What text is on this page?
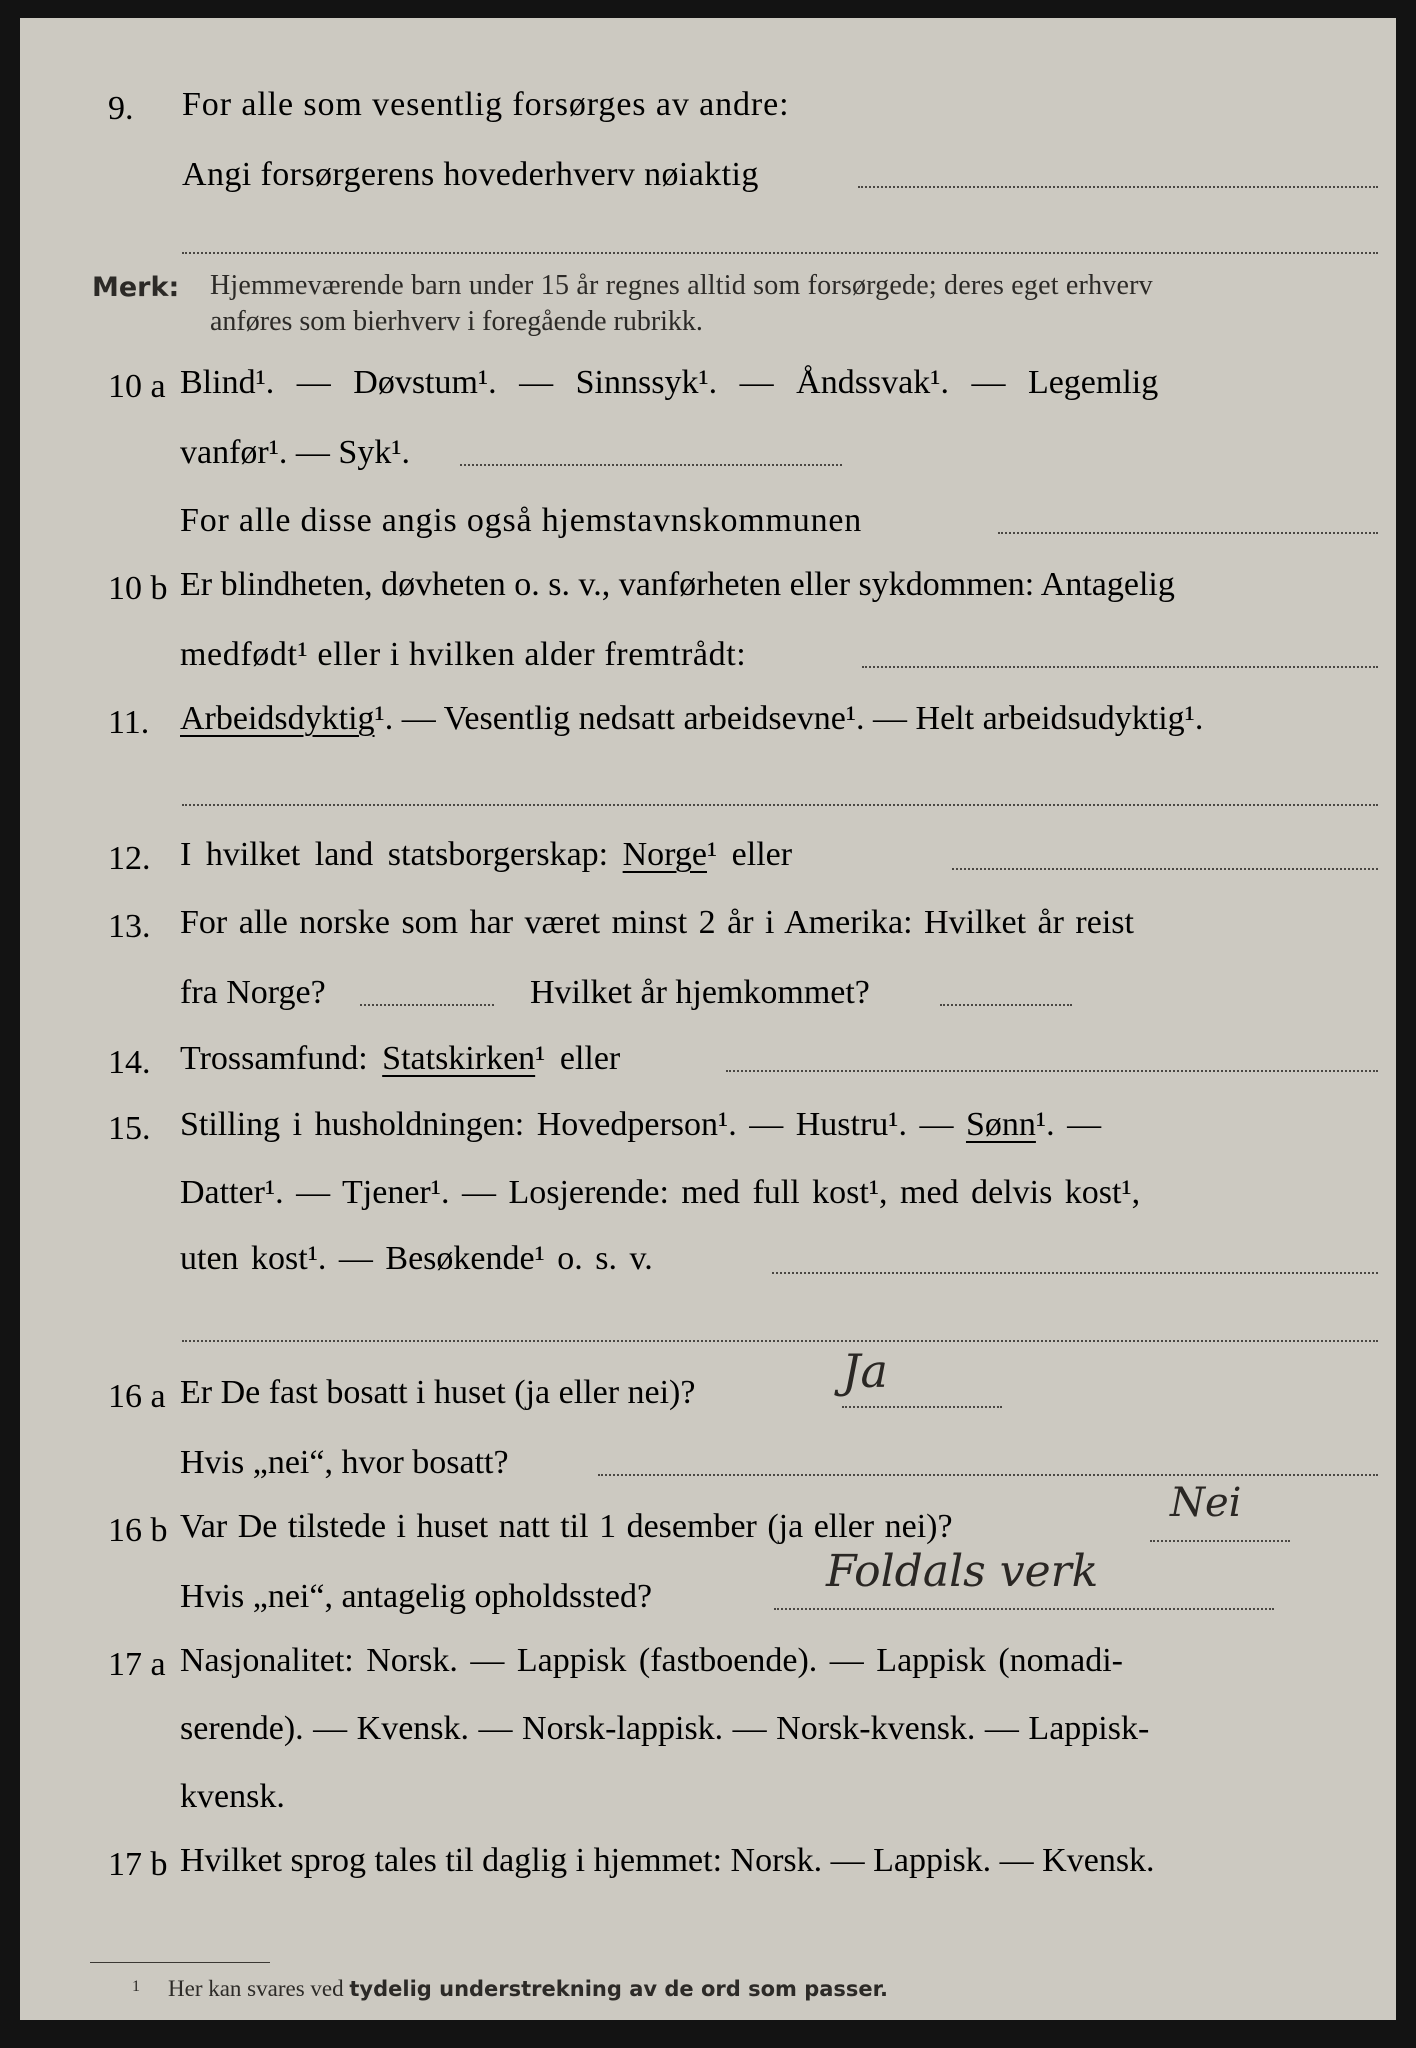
9. For alle som vesentlig forsørges av andre:
Angi forsørgerens hovederhverv nøiaktig
Merk: Hjemmeværende barn under 15 år regnes alltid som forsørgede; deres eget erhverv
anføres som bierhverv i foregående rubrikk.
10 a Blind¹. — Døvstum¹. — Sinnssyk¹. — Åndssvak¹. — Legemlig
vanfør¹. — Syk¹.
For alle disse angis også hjemstavnskommunen
10 b Er blindheten, døvheten o. s. v., vanførheten eller sykdommen: Antagelig
medfødt¹ eller i hvilken alder fremtrådt:
11. Arbeidsdyktig¹. — Vesentlig nedsatt arbeidsevne¹. — Helt arbeidsudyktig¹.
12. I hvilket land statsborgerskap: Norge¹ eller
13. For alle norske som har været minst 2 år i Amerika: Hvilket år reist
fra Norge?	Hvilket år hjemkommet?
14. Trossamfund: Statskirken¹ eller
15. Stilling i husholdningen: Hovedperson¹. — Hustru¹. — Sønn¹. —
Datter¹. — Tjener¹. — Losjerende: med full kost¹, med delvis kost¹,
uten kost¹. — Besøkende¹ o. s. v.
16 a Er De fast bosatt i huset (ja eller nei)?	Ja
Hvis „nei“, hvor bosatt?
16 b Var De tilstede i huset natt til 1 desember (ja eller nei)?
Nei
Hvis „nei“, antagelig opholdssted?	Foldals verk
17 a Nasjonalitet: Norsk. — Lappisk (fastboende). — Lappisk (nomadi-
serende). — Kvensk. — Norsk-lappisk. — Norsk-kvensk. — Lappisk-
kvensk.
17 b Hvilket sprog tales til daglig i hjemmet: Norsk. — Lappisk. — Kvensk.
1 Her kan svares ved tydelig understrekning av de ord som passer.
